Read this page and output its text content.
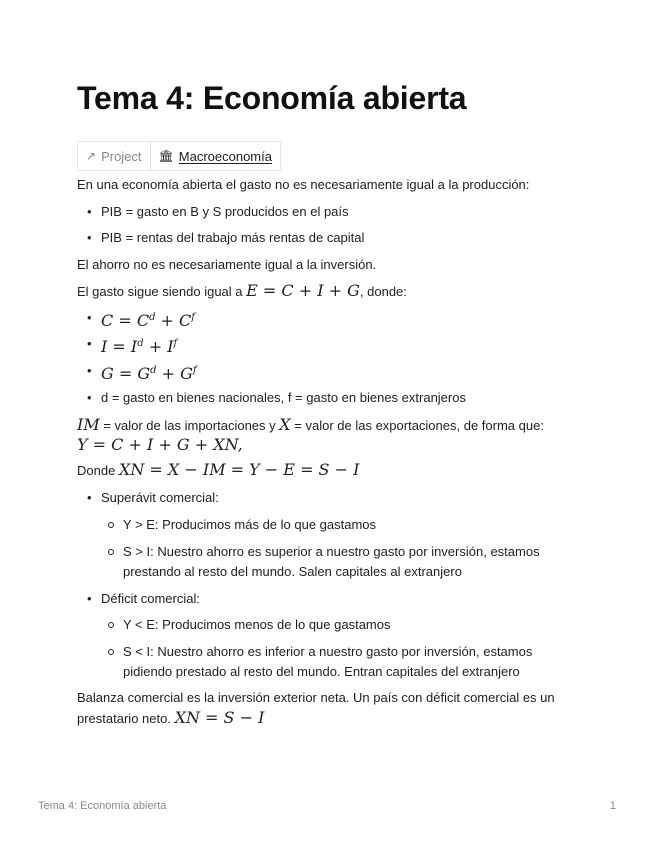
Tema 4: Economía abierta
↗ Project 🏛 Macroeconomía
En una economía abierta el gasto no es necesariamente igual a la producción:
• PIB = gasto en B y S producidos en el país
• PIB = rentas del trabajo más rentas de capital
El ahorro no es necesariamente igual a la inversión.
El gasto sigue siendo igual a E = C + I + G, donde:
• $C = C^d + C^f$
• $I = I^d + I^f$
• $G = G^d + G^f$
• d = gasto en bienes nacionales, f = gasto en bienes extranjeros
IM = valor de las importaciones y X = valor de las exportaciones, de forma que:
Y = C + I + G + XN,
Donde XN = X − IM = Y − E = S − I
• Superávit comercial:
Y > E: Producimos más de lo que gastamos
S > I: Nuestro ahorro es superior a nuestro gasto por inversión, estamos
prestando al resto del mundo. Salen capitales al extranjero
• Déficit comercial:
Y < E: Producimos menos de lo que gastamos
S < I: Nuestro ahorro es inferior a nuestro gasto por inversión, estamos
pidiendo prestado al resto del mundo. Entran capitales del extranjero
Balanza comercial es la inversión exterior neta. Un país con déficit comercial es un
prestatario neto. XN = S − I
Tema 4: Economía abierta	1
